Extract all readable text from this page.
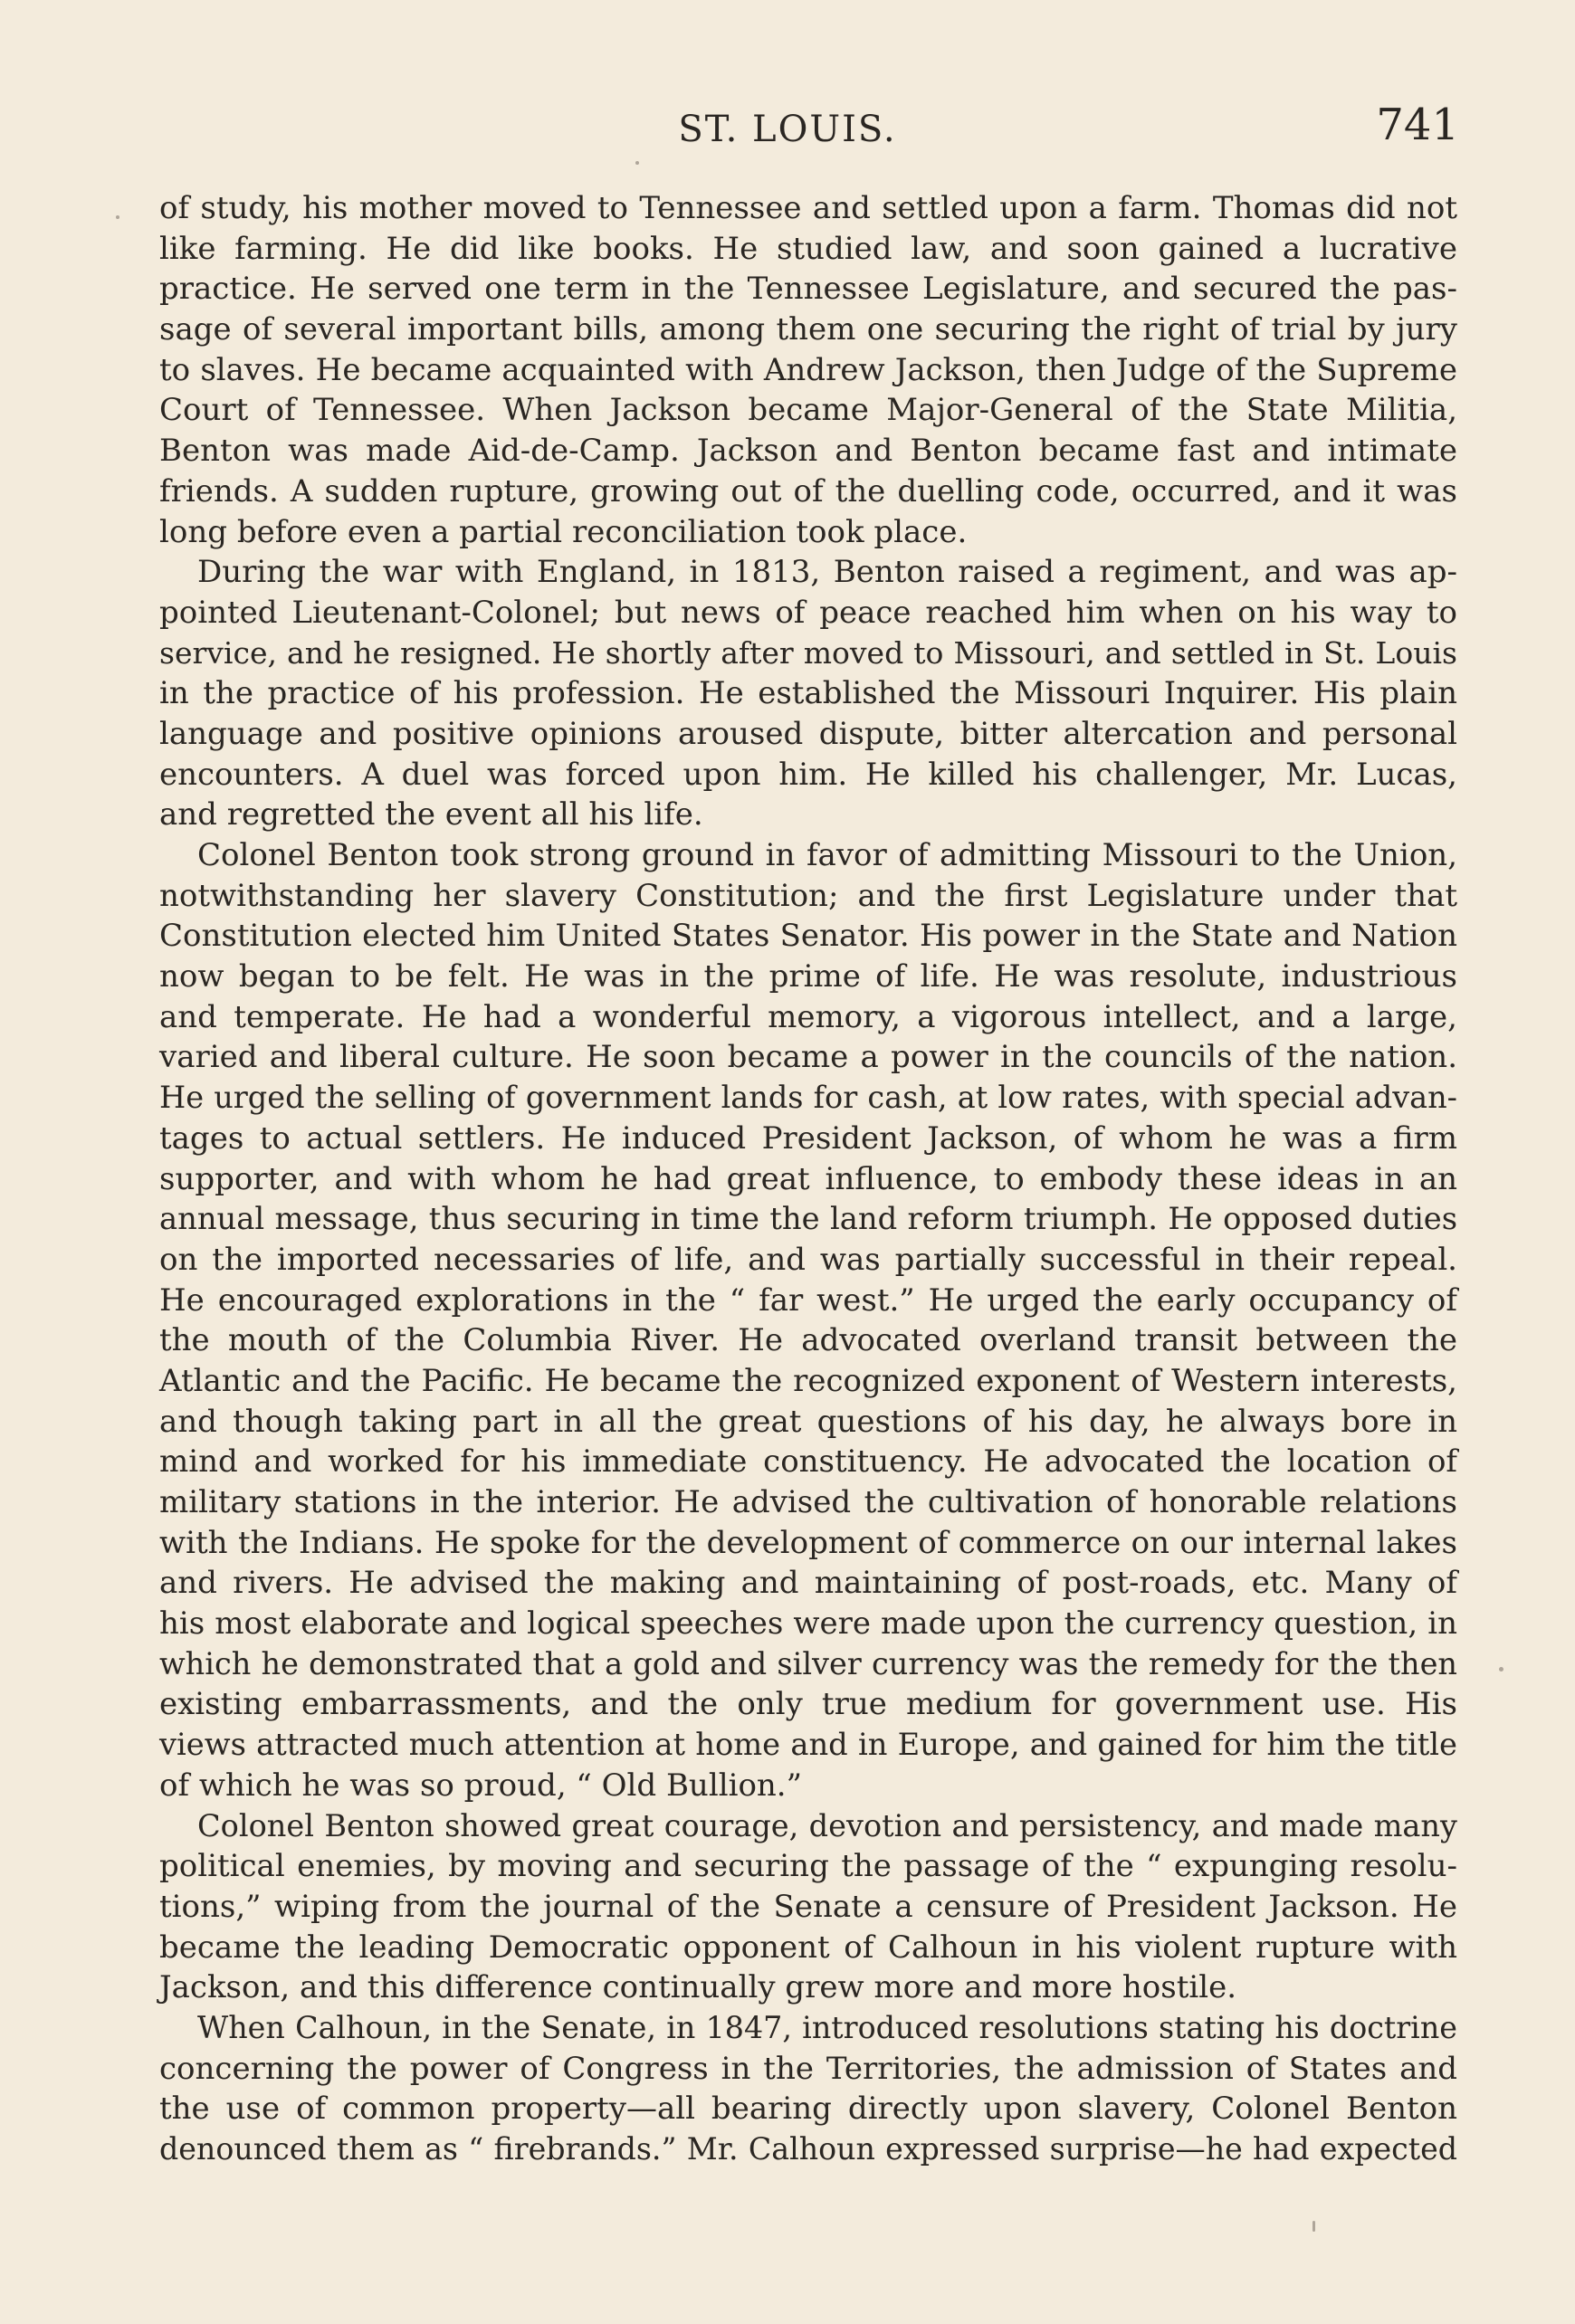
ST. LOUIS.	741
of study, his mother moved to Tennessee and settled upon a farm. Thomas did not
like farming. He did like books. He studied law, and soon gained a lucrative
practice. He served one term in the Tennessee Legislature, and secured the pas-
sage of several important bills, among them one securing the right of trial by jury
to slaves. He became acquainted with Andrew Jackson, then Judge of the Supreme
Court of Tennessee. When Jackson became Major-General of the State Militia,
Benton was made Aid-de-Camp. Jackson and Benton became fast and intimate
friends. A sudden rupture, growing out of the duelling code, occurred, and it was
long before even a partial reconciliation took place.
During the war with England, in 1813, Benton raised a regiment, and was ap-
pointed Lieutenant-Colonel; but news of peace reached him when on his way to
service, and he resigned. He shortly after moved to Missouri, and settled in St. Louis
in the practice of his profession. He established the Missouri Inquirer. His plain
language and positive opinions aroused dispute, bitter altercation and personal
encounters. A duel was forced upon him. He killed his challenger, Mr. Lucas,
and regretted the event all his life.
Colonel Benton took strong ground in favor of admitting Missouri to the Union,
notwithstanding her slavery Constitution; and the first Legislature under that
Constitution elected him United States Senator. His power in the State and Nation
now began to be felt. He was in the prime of life. He was resolute, industrious
and temperate. He had a wonderful memory, a vigorous intellect, and a large,
varied and liberal culture. He soon became a power in the councils of the nation.
He urged the selling of government lands for cash, at low rates, with special advan-
tages to actual settlers. He induced President Jackson, of whom he was a firm
supporter, and with whom he had great influence, to embody these ideas in an
annual message, thus securing in time the land reform triumph. He opposed duties
on the imported necessaries of life, and was partially successful in their repeal.
He encouraged explorations in the “ far west.” He urged the early occupancy of
the mouth of the Columbia River. He advocated overland transit between the
Atlantic and the Pacific. He became the recognized exponent of Western interests,
and though taking part in all the great questions of his day, he always bore in
mind and worked for his immediate constituency. He advocated the location of
military stations in the interior. He advised the cultivation of honorable relations
with the Indians. He spoke for the development of commerce on our internal lakes
and rivers. He advised the making and maintaining of post-roads, etc. Many of
his most elaborate and logical speeches were made upon the currency question, in
which he demonstrated that a gold and silver currency was the remedy for the then
existing embarrassments, and the only true medium for government use. His
views attracted much attention at home and in Europe, and gained for him the title
of which he was so proud, “ Old Bullion.”
Colonel Benton showed great courage, devotion and persistency, and made many
political enemies, by moving and securing the passage of the “ expunging resolu-
tions,” wiping from the journal of the Senate a censure of President Jackson. He
became the leading Democratic opponent of Calhoun in his violent rupture with
Jackson, and this difference continually grew more and more hostile.
When Calhoun, in the Senate, in 1847, introduced resolutions stating his doctrine
concerning the power of Congress in the Territories, the admission of States and
the use of common property—all bearing directly upon slavery, Colonel Benton
denounced them as “ firebrands.” Mr. Calhoun expressed surprise—he had expected
